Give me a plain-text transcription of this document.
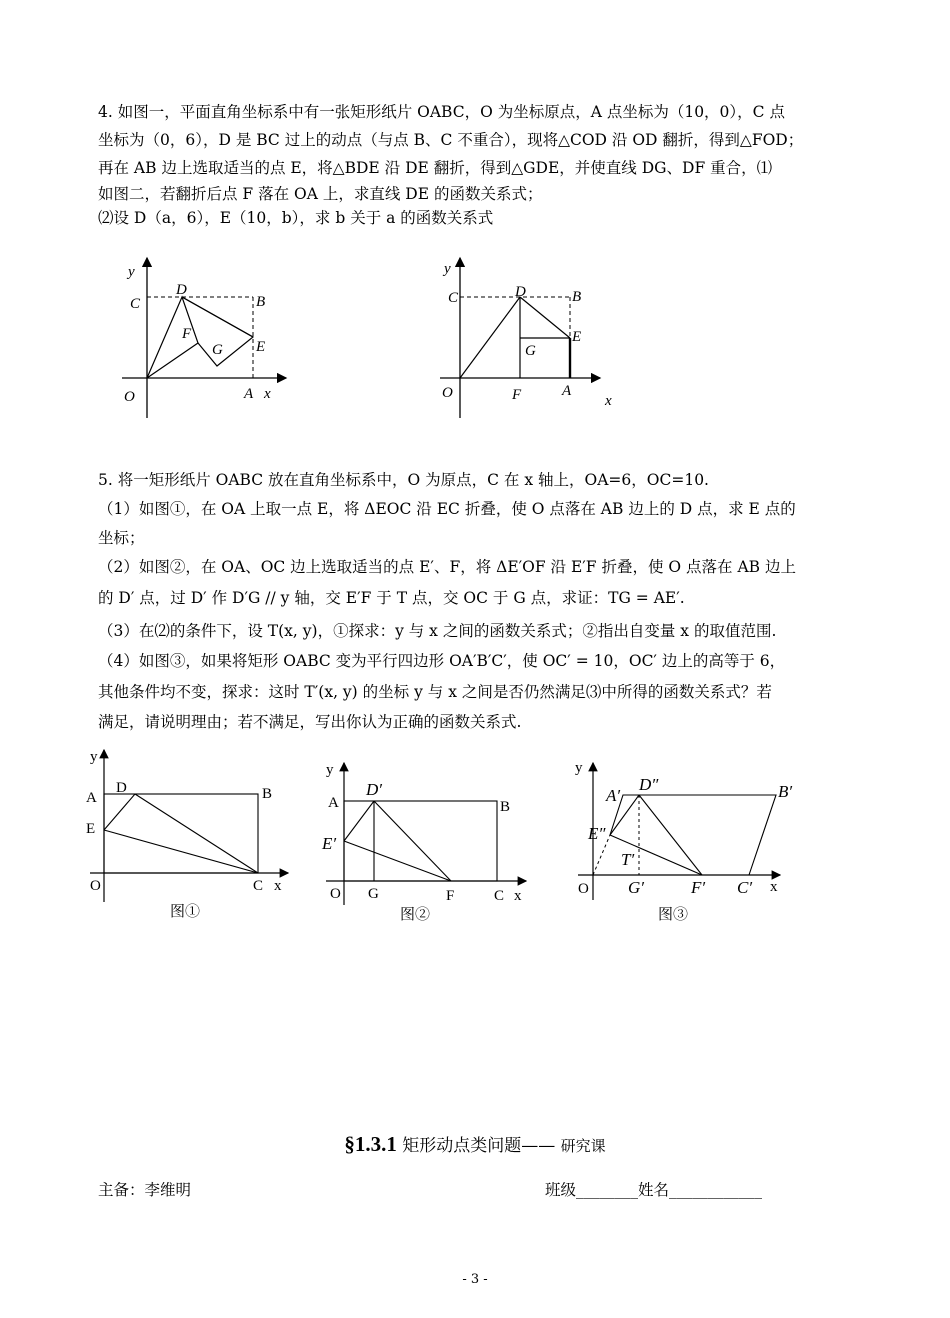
4. 如图一，平面直角坐标系中有一张矩形纸片 OABC，O 为坐标原点，A 点坐标为（10，0），C 点
坐标为（0，6），D 是 BC 过上的动点（与点 B、C 不重合），现将△COD 沿 OD 翻折，得到△FOD；
再在 AB 边上选取适当的点 E，将△BDE 沿 DE 翻折，得到△GDE，并使直线 DG、DF 重合，⑴
如图二，若翻折后点 F 落在 OA 上，求直线 DE 的函数关系式；
⑵设 D（a，6），E（10，b），求 b 关于 a 的函数关系式
y
C
D
B
F
G E
O	A x
y
C	D	B
E
G
O	F	A
x
5. 将一矩形纸片 OABC 放在直角坐标系中，O 为原点，C 在 x 轴上，OA=6，OC=10.
（1）如图①，在 OA 上取一点 E，将 ΔEOC 沿 EC 折叠，使 O 点落在 AB 边上的 D 点，求 E 点的
坐标；
（2）如图②，在 OA、OC 边上选取适当的点 E′、F，将 ΔE′OF 沿 E′F 折叠，使 O 点落在 AB 边上
的 D′ 点，过 D′ 作 D′G // y 轴，交 E′F 于 T 点，交 OC 于 G 点，求证：TG = AE′.
（3）在⑵的条件下，设 T(x, y)，①探求：y 与 x 之间的函数关系式；②指出自变量 x 的取值范围.
（4）如图③，如果将矩形 OABC 变为平行四边形 OA′B′C′，使 OC′ = 10，OC′ 边上的高等于 6，
其他条件均不变，探求：这时 T′(x, y) 的坐标 y 与 x 之间是否仍然满足⑶中所得的函数关系式？若
满足，请说明理由；若不满足，写出你认为正确的函数关系式.
y
A
D	B
E
O	C x
图①
y
A
D′
B
E′
O G	F	C x
图②
y
A′
D″	B′
E″
T′
O G′	F′ C′ x
图③
§1.3.1 矩形动点类问题—— 研究课
主备：李维明	班级________姓名____________
- 3 -
